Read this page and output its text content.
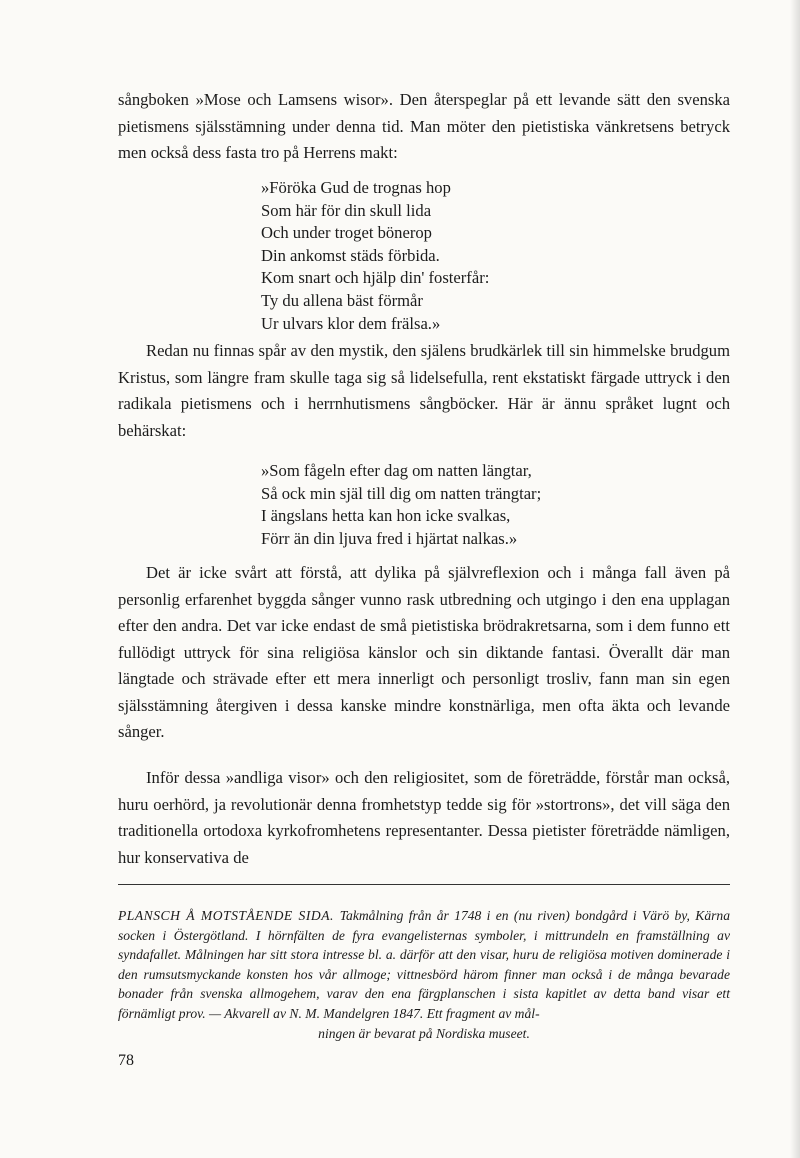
sångboken »Mose och Lamsens wisor». Den återspeglar på ett levande sätt den svenska pietismens själsstämning under denna tid. Man möter den pietistiska vänkretsens betryck men också dess fasta tro på Herrens makt:

»Föröka Gud de trognas hop
Som här för din skull lida
Och under troget bönerop
Din ankomst städs förbida.
Kom snart och hjälp din' fosterfår:
Ty du allena bäst förmår
Ur ulvars klor dem frälsa.»

Redan nu finnas spår av den mystik, den själens brudkärlek till sin himmelske brudgum Kristus, som längre fram skulle taga sig så lidelsefulla, rent ekstatiskt färgade uttryck i den radikala pietismens och i herrnhutismens sångböcker. Här är ännu språket lugnt och behärskat:

»Som fågeln efter dag om natten längtar,
Så ock min själ till dig om natten trängtar;
I ängslans hetta kan hon icke svalkas,
Förr än din ljuva fred i hjärtat nalkas.»

Det är icke svårt att förstå, att dylika på självreflexion och i många fall även på personlig erfarenhet byggda sånger vunno rask utbredning och utgingo i den ena upplagan efter den andra. Det var icke endast de små pietistiska brödrakretsarna, som i dem funno ett fullödigt uttryck för sina religiösa känslor och sin diktande fantasi. Överallt där man längtade och strävade efter ett mera innerligt och personligt trosliv, fann man sin egen själsstämning återgiven i dessa kanske mindre konstnärliga, men ofta äkta och levande sånger.

Inför dessa »andliga visor» och den religiositet, som de företrädde, förstår man också, huru oerhörd, ja revolutionär denna fromhetstyp tedde sig för »stortrons», det vill säga den traditionella ortodoxa kyrkofromhetens representanter. Dessa pietister företrädde nämligen, hur konservativa de

PLANSCH Å MOTSTÅENDE SIDA. Takmålning från år 1748 i en (nu riven) bondgård i Värö by, Kärna socken i Östergötland. I hörnfälten de fyra evangelisternas symboler, i mittrundeln en framställning av syndafallet. Målningen har sitt stora intresse bl. a. därför att den visar, huru de religiösa motiven dominerade i den rumsutsmyckande konsten hos vår allmoge; vittnesbörd härom finner man också i de många bevarade bonader från svenska allmogehem, varav den ena färgplanschen i sista kapitlet av detta band visar ett förnämligt prov. — Akvarell av N. M. Mandelgren 1847. Ett fragment av mål-
ningen är bevarat på Nordiska museet.
78
